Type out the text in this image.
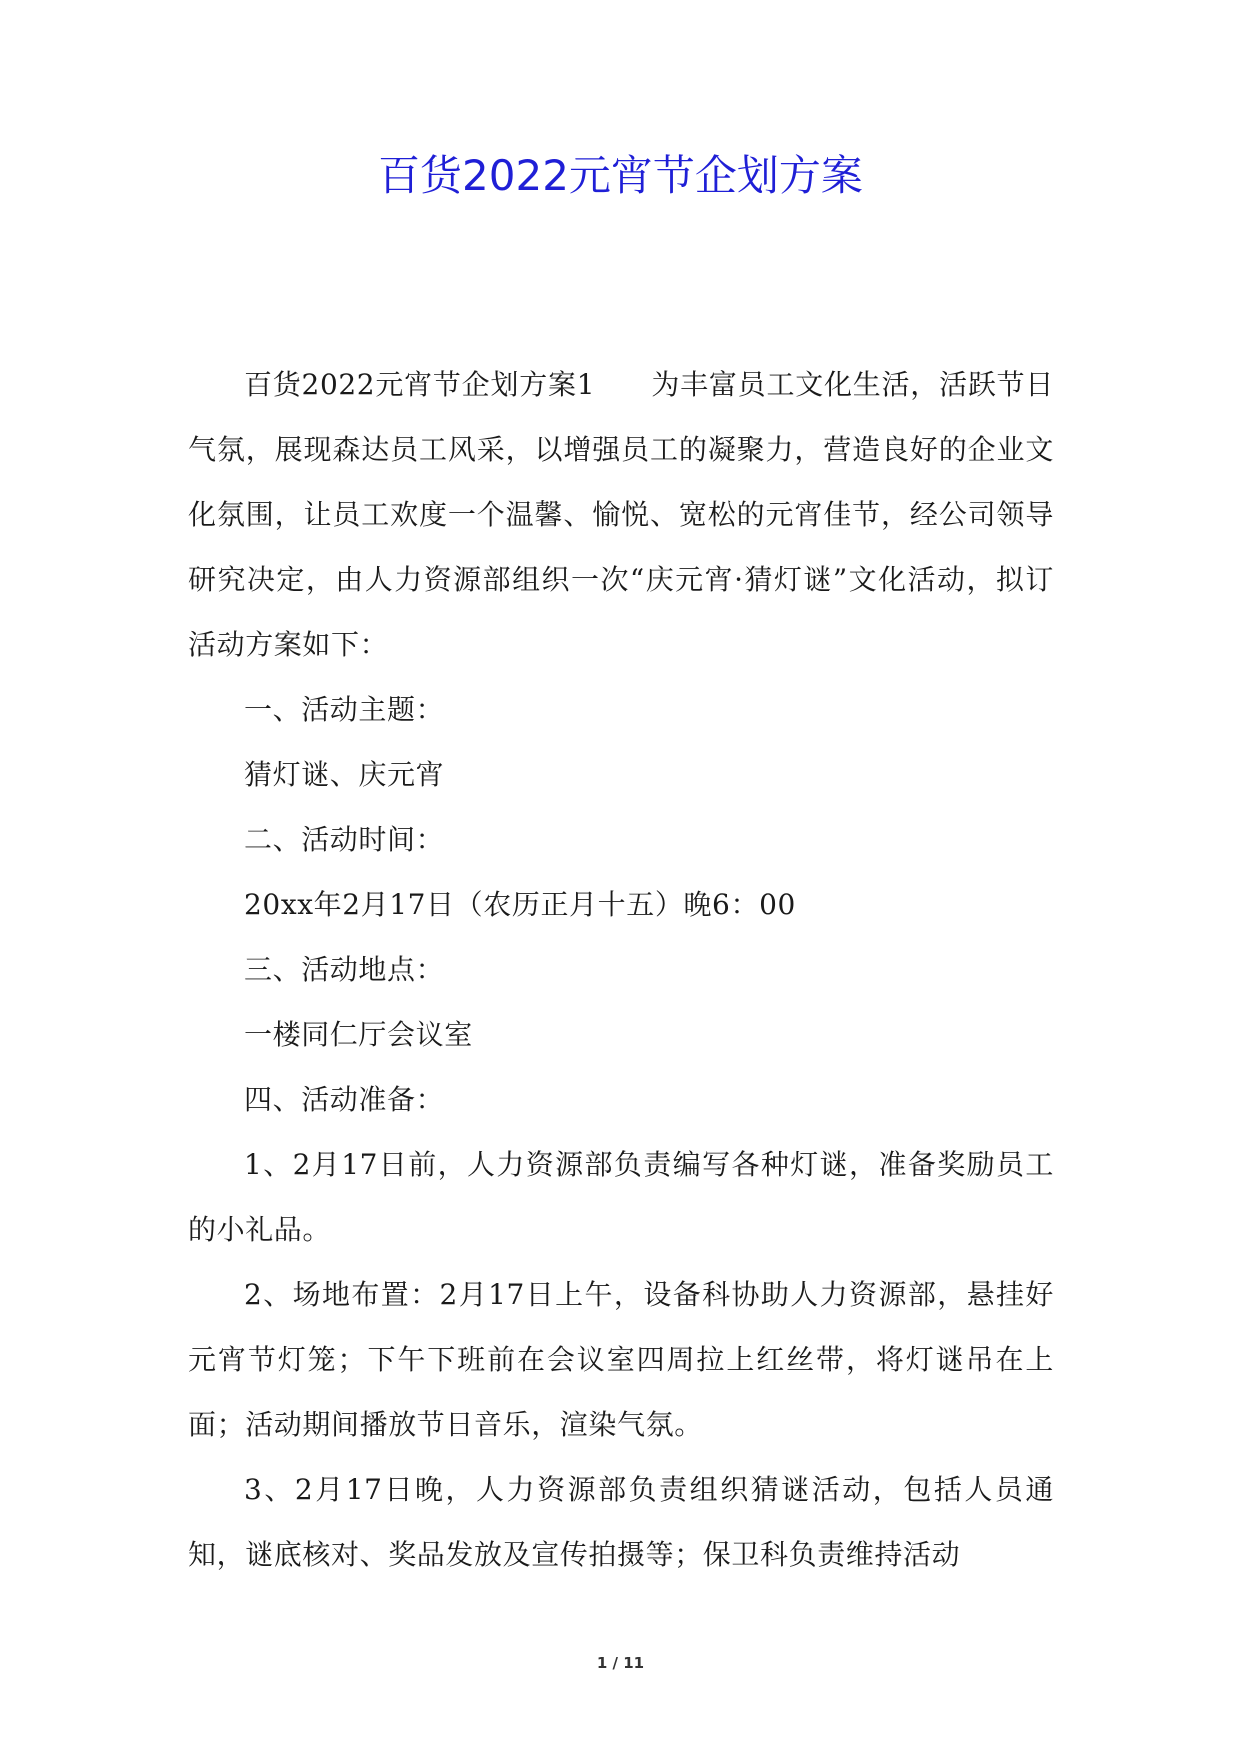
百货2022元宵节企划方案

百货2022元宵节企划方案1 为丰富员工文化生活，活跃节日气氛，展现森达员工风采，以增强员工的凝聚力，营造良好的企业文化氛围，让员工欢度一个温馨、愉悦、宽松的元宵佳节，经公司领导研究决定，由人力资源部组织一次“庆元宵·猜灯谜”文化活动，拟订活动方案如下：

一、活动主题：

猜灯谜、庆元宵

二、活动时间：

20xx年2月17日（农历正月十五）晚6：00

三、活动地点：

一楼同仁厅会议室

四、活动准备：

1、2月17日前，人力资源部负责编写各种灯谜，准备奖励员工的小礼品。

2、场地布置：2月17日上午，设备科协助人力资源部，悬挂好元宵节灯笼；下午下班前在会议室四周拉上红丝带，将灯谜吊在上面；活动期间播放节日音乐，渲染气氛。

3、2月17日晚，人力资源部负责组织猜谜活动，包括人员通知，谜底核对、奖品发放及宣传拍摄等；保卫科负责维持活动

1 / 11
